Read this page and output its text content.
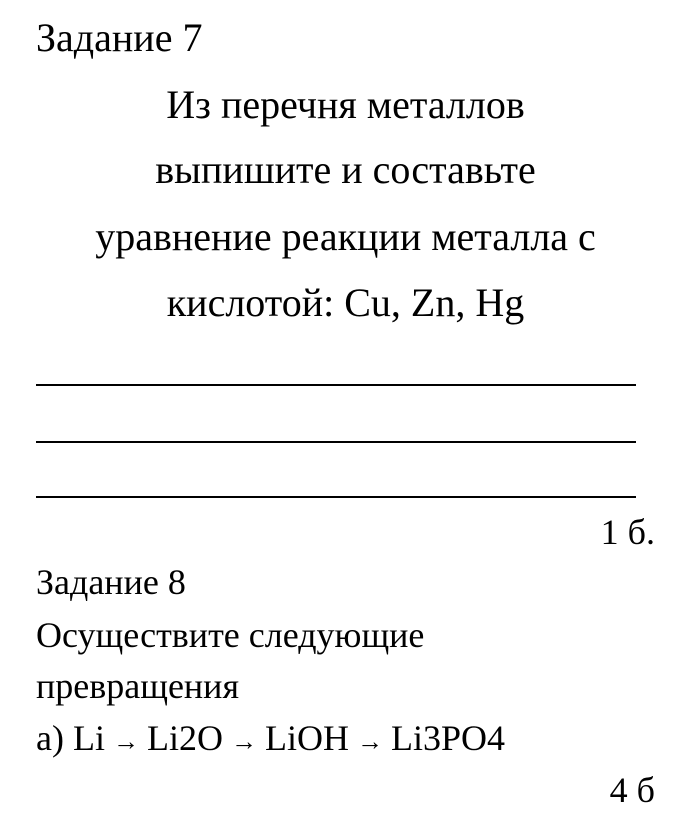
Задание 7
Из перечня металлов
выпишите и составьте
уравнение реакции металла с
кислотой: Cu, Zn, Hg
1 б.
Задание 8
Осуществите следующие
превращения
а) Li → Li2O → LiOH → Li3PO4
4 б
